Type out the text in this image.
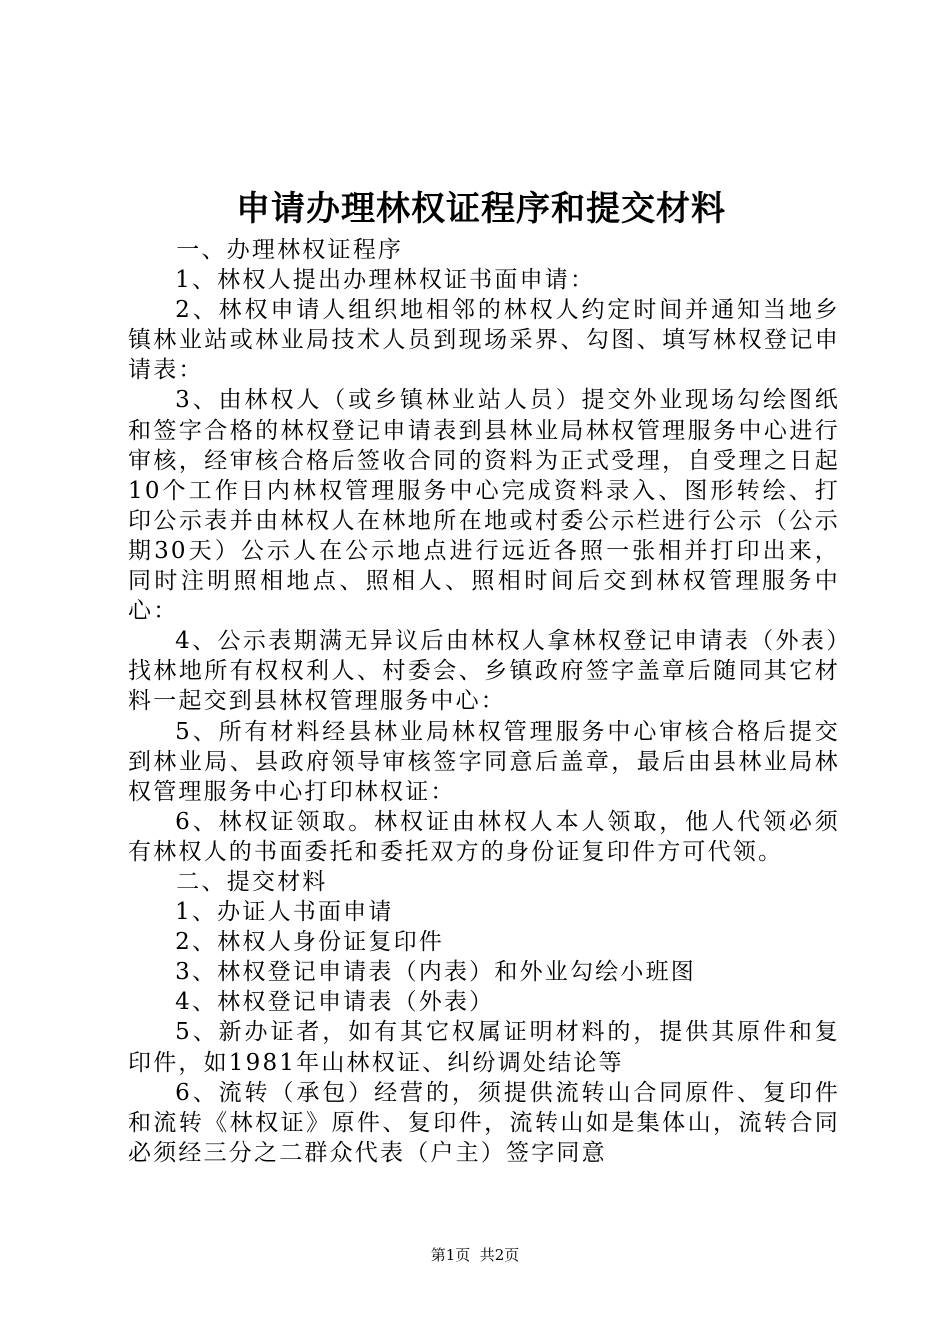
申请办理林权证程序和提交材料

一、办理林权证程序

1、林权人提出办理林权证书面申请：

2、林权申请人组织地相邻的林权人约定时间并通知当地乡镇林业站或林业局技术人员到现场采界、勾图、填写林权登记申请表：

3、由林权人（或乡镇林业站人员）提交外业现场勾绘图纸和签字合格的林权登记申请表到县林业局林权管理服务中心进行审核，经审核合格后签收合同的资料为正式受理，自受理之日起10个工作日内林权管理服务中心完成资料录入、图形转绘、打印公示表并由林权人在林地所在地或村委公示栏进行公示（公示期30天）公示人在公示地点进行远近各照一张相并打印出来，同时注明照相地点、照相人、照相时间后交到林权管理服务中心：

4、公示表期满无异议后由林权人拿林权登记申请表（外表）找林地所有权权利人、村委会、乡镇政府签字盖章后随同其它材料一起交到县林权管理服务中心：

5、所有材料经县林业局林权管理服务中心审核合格后提交到林业局、县政府领导审核签字同意后盖章，最后由县林业局林权管理服务中心打印林权证：

6、林权证领取。林权证由林权人本人领取，他人代领必须有林权人的书面委托和委托双方的身份证复印件方可代领。

二、提交材料

1、办证人书面申请

2、林权人身份证复印件

3、林权登记申请表（内表）和外业勾绘小班图

4、林权登记申请表（外表）

5、新办证者，如有其它权属证明材料的，提供其原件和复印件，如1981年山林权证、纠纷调处结论等

6、流转（承包）经营的，须提供流转山合同原件、复印件和流转《林权证》原件、复印件，流转山如是集体山，流转合同必须经三分之二群众代表（户主）签字同意

第1页  共2页
